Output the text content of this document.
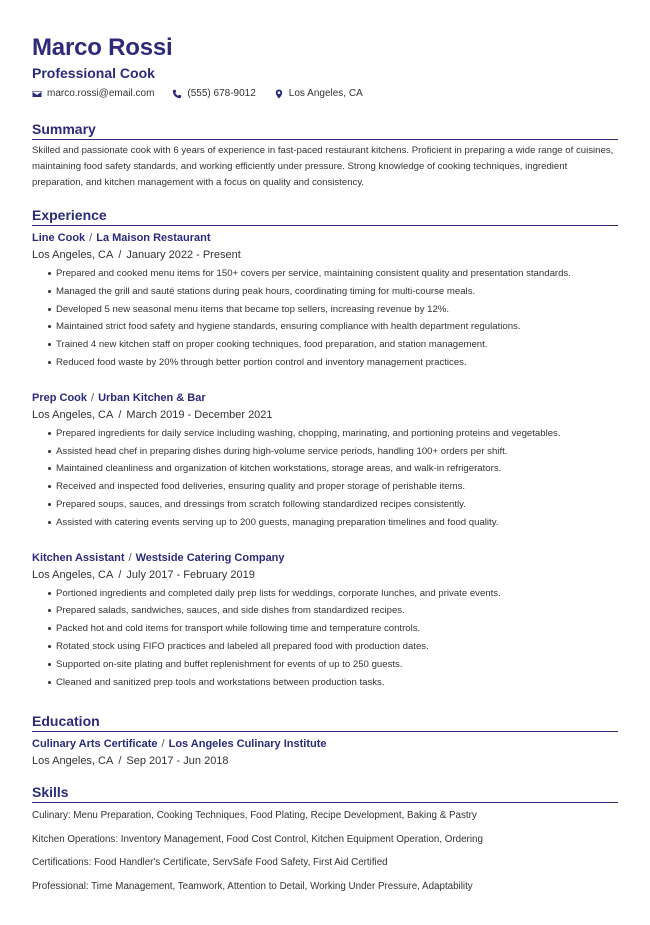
Marco Rossi
Professional Cook
marco.rossi@email.com	(555) 678-9012	Los Angeles, CA
Summary
Skilled and passionate cook with 6 years of experience in fast-paced restaurant kitchens. Proficient in preparing a wide range of cuisines, maintaining food safety standards, and working efficiently under pressure. Strong knowledge of cooking techniques, ingredient preparation, and kitchen management with a focus on quality and consistency.
Experience
Line Cook / La Maison Restaurant
Los Angeles, CA / January 2022 - Present
Prepared and cooked menu items for 150+ covers per service, maintaining consistent quality and presentation standards.
Managed the grill and sauté stations during peak hours, coordinating timing for multi-course meals.
Developed 5 new seasonal menu items that became top sellers, increasing revenue by 12%.
Maintained strict food safety and hygiene standards, ensuring compliance with health department regulations.
Trained 4 new kitchen staff on proper cooking techniques, food preparation, and station management.
Reduced food waste by 20% through better portion control and inventory management practices.
Prep Cook / Urban Kitchen & Bar
Los Angeles, CA / March 2019 - December 2021
Prepared ingredients for daily service including washing, chopping, marinating, and portioning proteins and vegetables.
Assisted head chef in preparing dishes during high-volume service periods, handling 100+ orders per shift.
Maintained cleanliness and organization of kitchen workstations, storage areas, and walk-in refrigerators.
Received and inspected food deliveries, ensuring quality and proper storage of perishable items.
Prepared soups, sauces, and dressings from scratch following standardized recipes consistently.
Assisted with catering events serving up to 200 guests, managing preparation timelines and food quality.
Kitchen Assistant / Westside Catering Company
Los Angeles, CA / July 2017 - February 2019
Portioned ingredients and completed daily prep lists for weddings, corporate lunches, and private events.
Prepared salads, sandwiches, sauces, and side dishes from standardized recipes.
Packed hot and cold items for transport while following time and temperature controls.
Rotated stock using FIFO practices and labeled all prepared food with production dates.
Supported on-site plating and buffet replenishment for events of up to 250 guests.
Cleaned and sanitized prep tools and workstations between production tasks.
Education
Culinary Arts Certificate / Los Angeles Culinary Institute
Los Angeles, CA / Sep 2017 - Jun 2018
Skills
Culinary: Menu Preparation, Cooking Techniques, Food Plating, Recipe Development, Baking & Pastry
Kitchen Operations: Inventory Management, Food Cost Control, Kitchen Equipment Operation, Ordering
Certifications: Food Handler's Certificate, ServSafe Food Safety, First Aid Certified
Professional: Time Management, Teamwork, Attention to Detail, Working Under Pressure, Adaptability
